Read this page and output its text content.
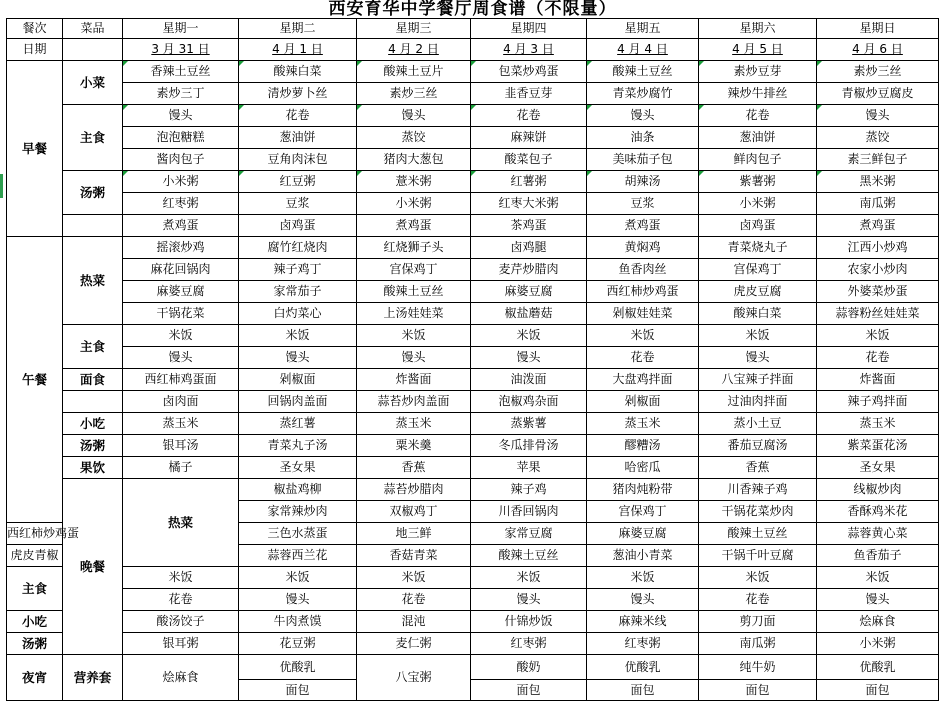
西安育华中学餐厅周食谱（不限量）									
餐次	菜品	星期一	星期二	星期三	星期四	星期五	星期六	星期日	
日期		3 月 31 日	4 月 1 日	4 月 2 日	4 月 3 日	4 月 4 日	4 月 5 日	4 月 6 日	
早餐	小菜	香辣土豆丝	酸辣白菜	酸辣土豆片	包菜炒鸡蛋	酸辣土豆丝	素炒豆芽	素炒三丝	
		素炒三丁	清炒萝卜丝	素炒三丝	韭香豆芽	青菜炒腐竹	辣炒牛排丝	青椒炒豆腐皮	
	主食	馒头	花卷	馒头	花卷	馒头	花卷	馒头	
		泡泡糖糕	葱油饼	蒸饺	麻辣饼	油条	葱油饼	蒸饺	
		酱肉包子	豆角肉沫包	猪肉大葱包	酸菜包子	美味茄子包	鲜肉包子	素三鲜包子	
	汤粥	小米粥	红豆粥	薏米粥	红薯粥	胡辣汤	紫薯粥	黑米粥	
		红枣粥	豆浆	小米粥	红枣大米粥	豆浆	小米粥	南瓜粥	
		煮鸡蛋	卤鸡蛋	煮鸡蛋	茶鸡蛋	煮鸡蛋	卤鸡蛋	煮鸡蛋	
午餐	热菜	摇滚炒鸡	腐竹红烧肉	红烧狮子头	卤鸡腿	黄焖鸡	青菜烧丸子	江西小炒鸡	
		麻花回锅肉	辣子鸡丁	宫保鸡丁	麦芹炒腊肉	鱼香肉丝	宫保鸡丁	农家小炒肉	
		麻婆豆腐	家常茄子	酸辣土豆丝	麻婆豆腐	西红柿炒鸡蛋	虎皮豆腐	外婆菜炒蛋	
		干锅花菜	白灼菜心	上汤娃娃菜	椒盐蘑菇	剁椒娃娃菜	酸辣白菜	蒜蓉粉丝娃娃菜	
	主食	米饭	米饭	米饭	米饭	米饭	米饭	米饭	
		馒头	馒头	馒头	馒头	花卷	馒头	花卷	
	面食	西红柿鸡蛋面	剁椒面	炸酱面	油泼面	大盘鸡拌面	八宝辣子拌面	炸酱面	
		卤肉面	回锅肉盖面	蒜苔炒肉盖面	泡椒鸡杂面	剁椒面	过油肉拌面	辣子鸡拌面	
	小吃	蒸玉米	蒸红薯	蒸玉米	蒸紫薯	蒸玉米	蒸小土豆	蒸玉米	
	汤粥	银耳汤	青菜丸子汤	粟米羹	冬瓜排骨汤	醪糟汤	番茄豆腐汤	紫菜蛋花汤	
	果饮	橘子	圣女果	香蕉	苹果	哈密瓜	香蕉	圣女果	
	晚餐	热菜	椒盐鸡柳	蒜苔炒腊肉	辣子鸡	猪肉炖粉带	川香辣子鸡	线椒炒肉	
			家常辣炒肉	双椒鸡丁	川香回锅肉	宫保鸡丁	干锅花菜炒肉	香酥鸡米花	
西红柿炒鸡蛋			三色水蒸蛋	地三鲜	家常豆腐	麻婆豆腐	酸辣土豆丝	蒜蓉黄心菜	
虎皮青椒			蒜蓉西兰花	香菇青菜	酸辣土豆丝	葱油小青菜	干锅千叶豆腐	鱼香茄子	
主食		米饭	米饭	米饭	米饭	米饭	米饭	米饭	
		花卷	馒头	花卷	馒头	馒头	花卷	馒头	
小吃		酸汤饺子	牛肉煮馍	混沌	什锦炒饭	麻辣米线	剪刀面	烩麻食	
汤粥		银耳粥	花豆粥	麦仁粥	红枣粥	红枣粥	南瓜粥	小米粥	
夜宵	营养套	烩麻食	优酸乳	八宝粥	酸奶	优酸乳	纯牛奶	优酸乳	
			面包		面包	面包	面包	面包	
